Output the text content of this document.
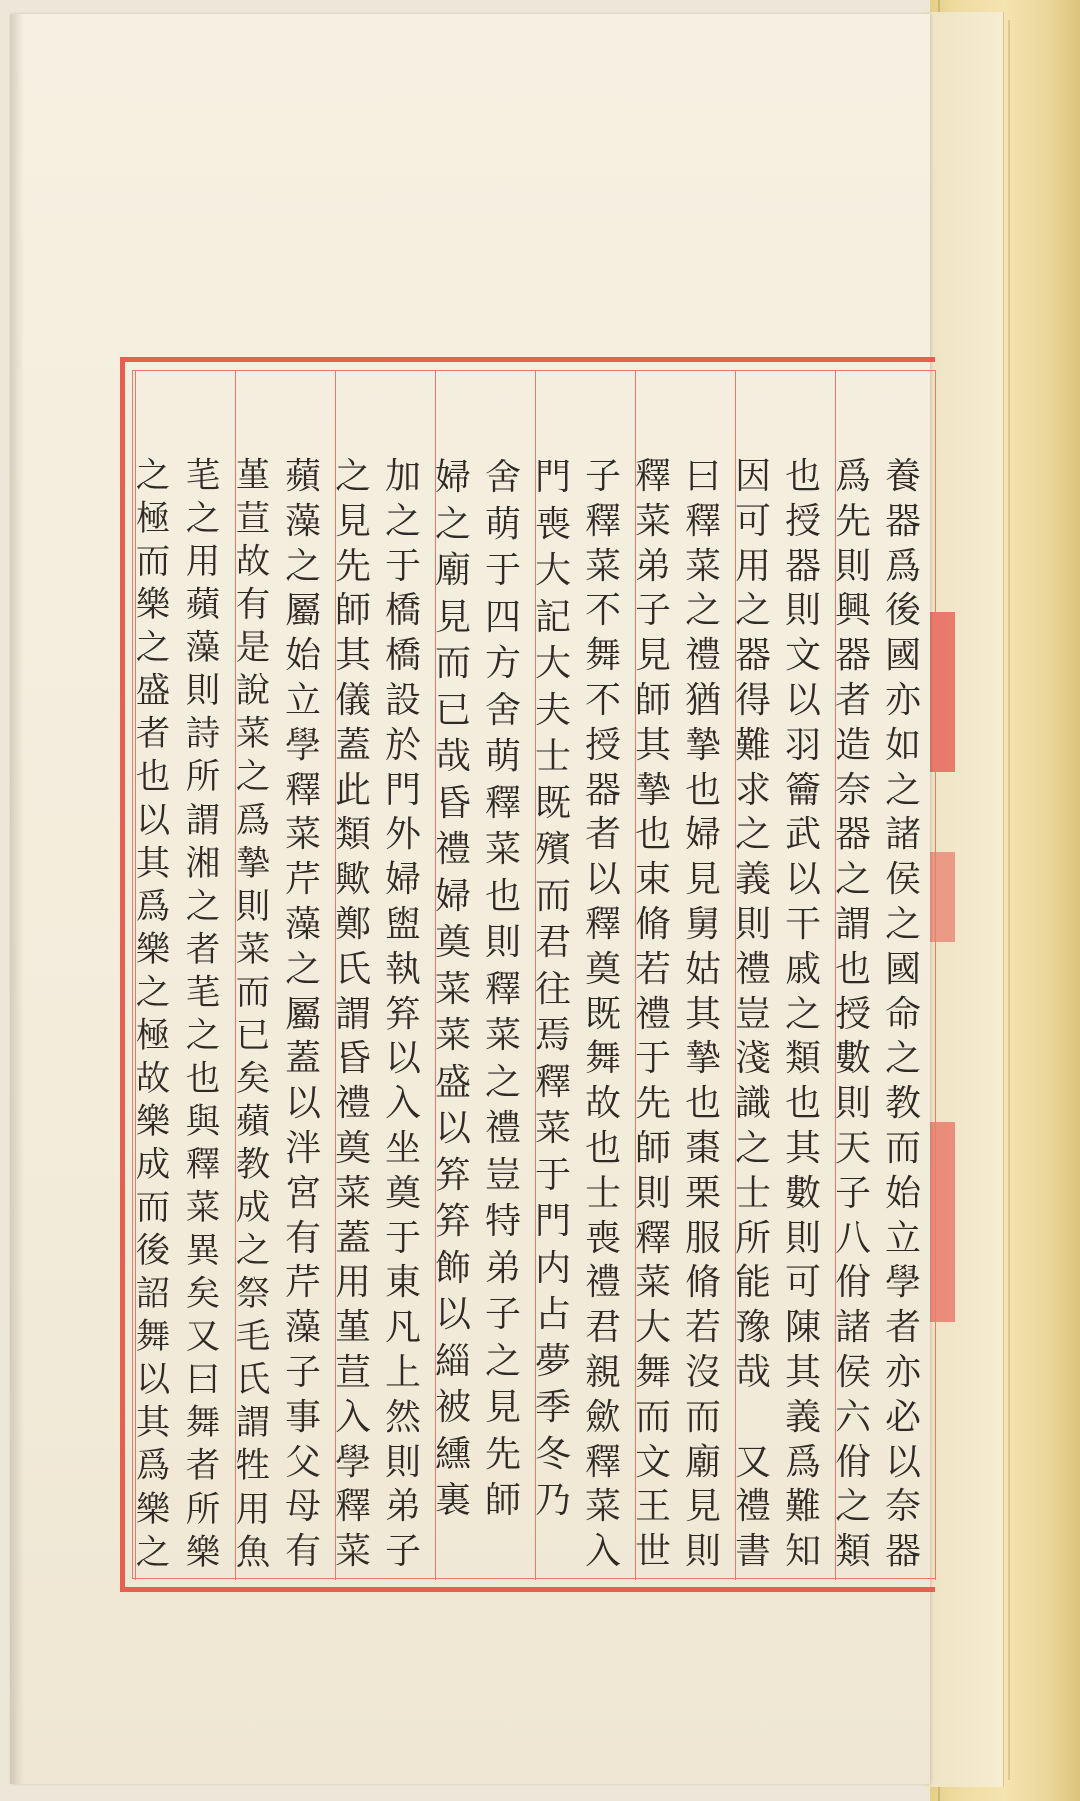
養
器
爲
後
國
亦
如
之
諸
侯
之
國
命
之
教
而
始
立
學
者
亦
必
以
奈
器
爲
先
則
興
器
者
造
奈
器
之
謂
也
授
數
則
天
子
八
佾
諸
侯
六
佾
之
類
也
授
器
則
文
以
羽
籥
武
以
干
戚
之
類
也
其
數
則
可
陳
其
義
爲
難
知
因
可
用
之
器
得
難
求
之
義
則
禮
豈
淺
識
之
士
所
能
豫
哉

又
禮
書
曰
釋
菜
之
禮
猶
摯
也
婦
見
舅
姑
其
摯
也
棗
栗
服
脩
若
沒
而
廟
見
則
釋
菜
弟
子
見
師
其
摯
也
束
脩
若
禮
于
先
師
則
釋
菜
大
舞
而
文
王
世
子
釋
菜
不
舞
不
授
器
者
以
釋
奠
既
舞
故
也
士
喪
禮
君
親
歛
釋
菜
入
門
喪
大
記
大
夫
士
既
殯
而
君
往
焉
釋
菜
于
門
内
占
夢
季
冬
乃
舍
萌
于
四
方
舍
萌
釋
菜
也
則
釋
菜
之
禮
豈
特
弟
子
之
見
先
師
婦
之
廟
見
而
已
哉
昏
禮
婦
奠
菜
菜
盛
以
笲
笲
飾
以
緇
被
纁
裏
加
之
于
橋
橋
設
於
門
外
婦
盥
執
笲
以
入
坐
奠
于
東
凡
上
然
則
弟
子
之
見
先
師
其
儀
蓋
此
類
歟
鄭
氏
謂
昏
禮
奠
菜
蓋
用
堇
荁
入
學
釋
菜
蘋
藻
之
屬
始
立
學
釋
菜
芹
藻
之
屬
蓋
以
泮
宮
有
芹
藻
子
事
父
母
有
堇
荁
故
有
是
說
菜
之
爲
摯
則
菜
而
已
矣
蘋
教
成
之
祭
毛
氏
謂
牲
用
魚
芼
之
用
蘋
藻
則
詩
所
謂
湘
之
者
芼
之
也
與
釋
菜
異
矣
又
曰
舞
者
所
樂
之
極
而
樂
之
盛
者
也
以
其
爲
樂
之
極
故
樂
成
而
後
詔
舞
以
其
爲
樂
之
